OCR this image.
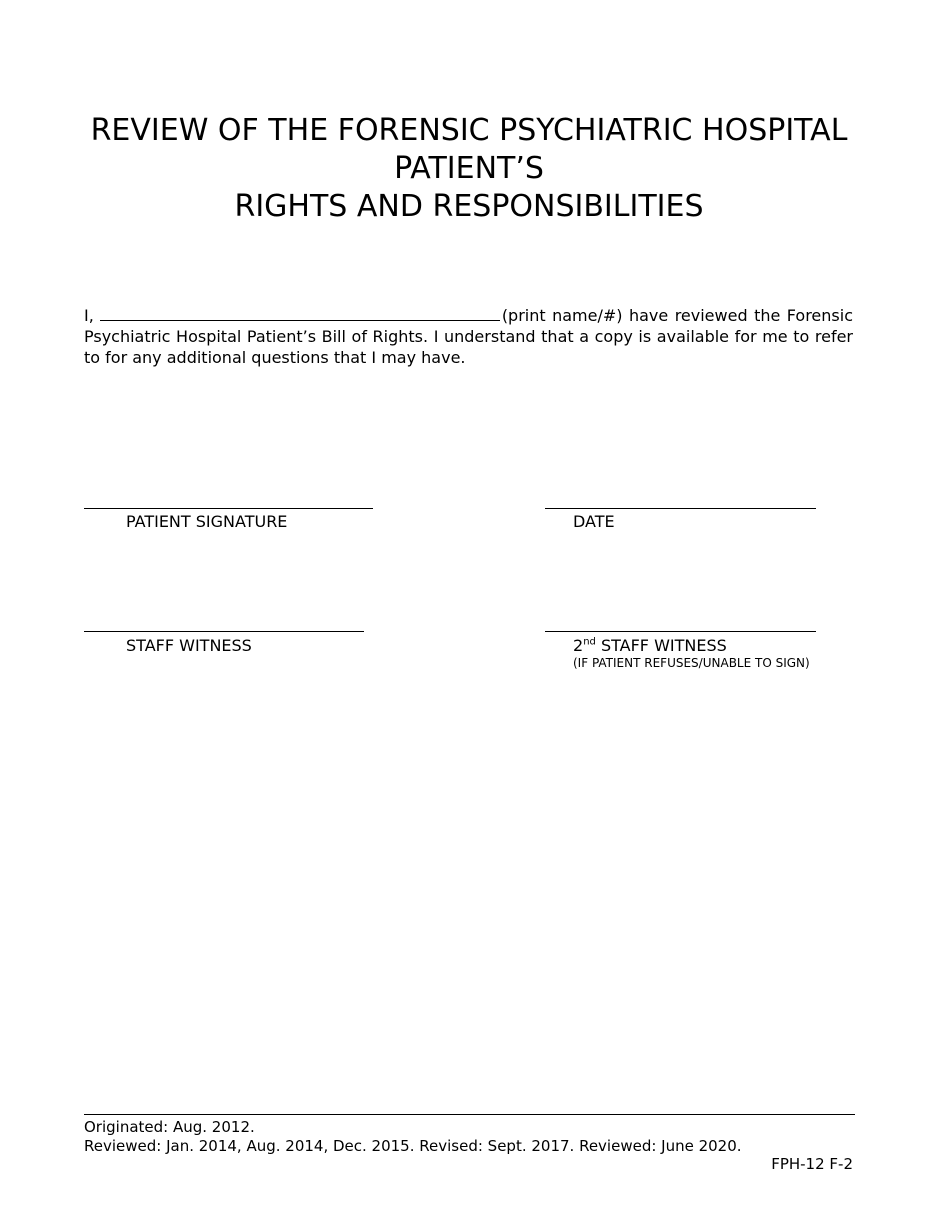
REVIEW OF THE FORENSIC PSYCHIATRIC HOSPITAL
PATIENT’S
RIGHTS AND RESPONSIBILITIES
I,	(print name/#) have reviewed the Forensic Psychiatric Hospital Patient’s Bill of Rights. I understand that a copy is available for me to refer to for any additional questions that I may have.
PATIENT SIGNATURE	DATE
STAFF WITNESS	2nd STAFF WITNESS
(IF PATIENT REFUSES/UNABLE TO SIGN)
Originated: Aug. 2012.
Reviewed: Jan. 2014, Aug. 2014, Dec. 2015. Revised: Sept. 2017. Reviewed: June 2020.
FPH-12 F-2
